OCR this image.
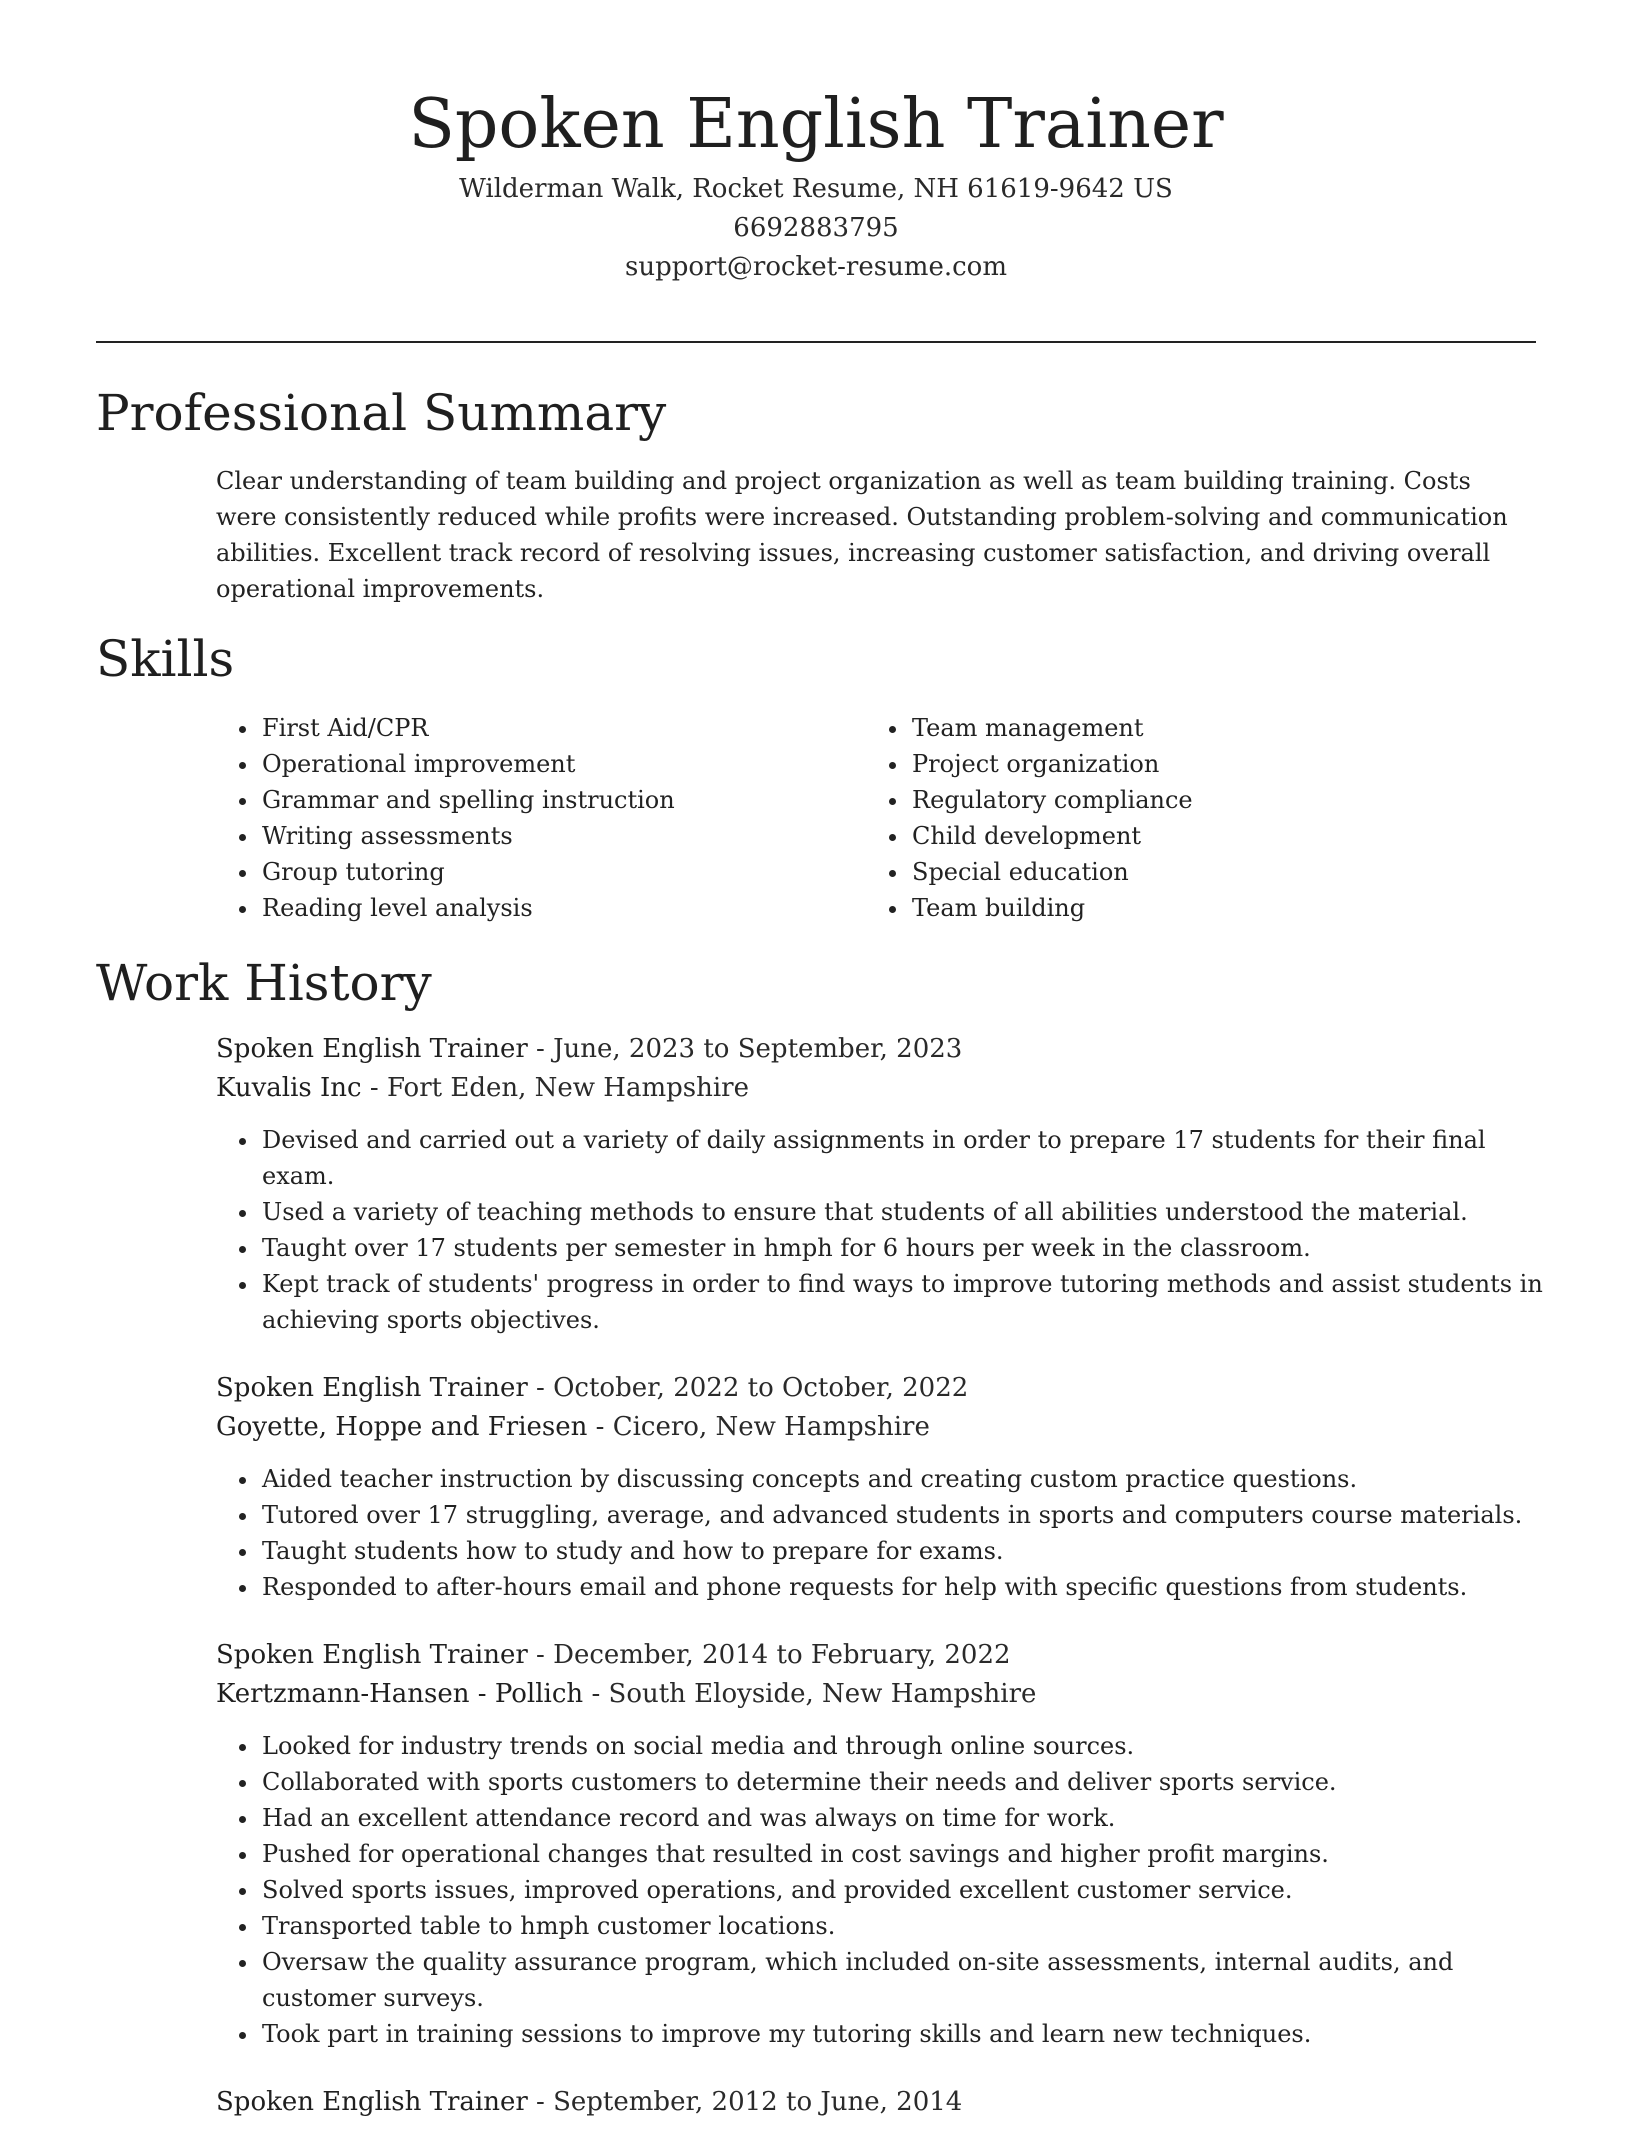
Spoken English Trainer

Wilderman Walk, Rocket Resume, NH 61619-9642 US

6692883795

support@rocket-resume.com

Professional Summary

Clear understanding of team building and project organization as well as team building training. Costs were consistently reduced while profits were increased. Outstanding problem-solving and communication abilities. Excellent track record of resolving issues, increasing customer satisfaction, and driving overall operational improvements.

Skills
• First Aid/CPR
• Operational improvement
• Grammar and spelling instruction
• Writing assessments
• Group tutoring
• Reading level analysis
• Team management
• Project organization
• Regulatory compliance
• Child development
• Special education
• Team building
Work History

Spoken English Trainer - June, 2023 to September, 2023

Kuvalis Inc - Fort Eden, New Hampshire

• Devised and carried out a variety of daily assignments in order to prepare 17 students for their final exam.
• Used a variety of teaching methods to ensure that students of all abilities understood the material.
• Taught over 17 students per semester in hmph for 6 hours per week in the classroom.
• Kept track of students' progress in order to find ways to improve tutoring methods and assist students in achieving sports objectives.

Spoken English Trainer - October, 2022 to October, 2022

Goyette, Hoppe and Friesen - Cicero, New Hampshire

• Aided teacher instruction by discussing concepts and creating custom practice questions.
• Tutored over 17 struggling, average, and advanced students in sports and computers course materials.
• Taught students how to study and how to prepare for exams.
• Responded to after-hours email and phone requests for help with specific questions from students.

Spoken English Trainer - December, 2014 to February, 2022

Kertzmann-Hansen - Pollich - South Eloyside, New Hampshire

• Looked for industry trends on social media and through online sources.
• Collaborated with sports customers to determine their needs and deliver sports service.
• Had an excellent attendance record and was always on time for work.
• Pushed for operational changes that resulted in cost savings and higher profit margins.
• Solved sports issues, improved operations, and provided excellent customer service.
• Transported table to hmph customer locations.
• Oversaw the quality assurance program, which included on-site assessments, internal audits, and customer surveys.
• Took part in training sessions to improve my tutoring skills and learn new techniques.

Spoken English Trainer - September, 2012 to June, 2014
